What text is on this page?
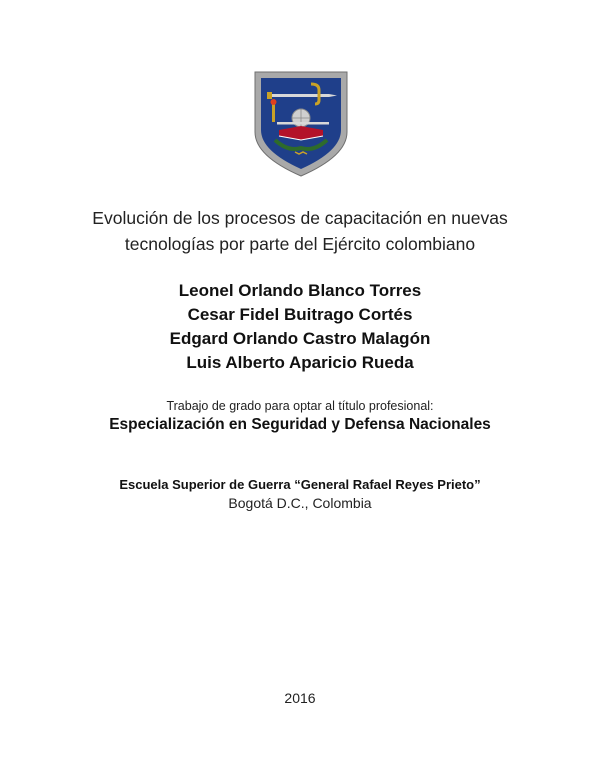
Evolución de los procesos de capacitación en nuevas
tecnologías por parte del Ejército colombiano
Leonel Orlando Blanco Torres
Cesar Fidel Buitrago Cortés
Edgard Orlando Castro Malagón
Luis Alberto Aparicio Rueda
Trabajo de grado para optar al título profesional:
Especialización en Seguridad y Defensa Nacionales
Escuela Superior de Guerra “General Rafael Reyes Prieto”
Bogotá D.C., Colombia
2016
